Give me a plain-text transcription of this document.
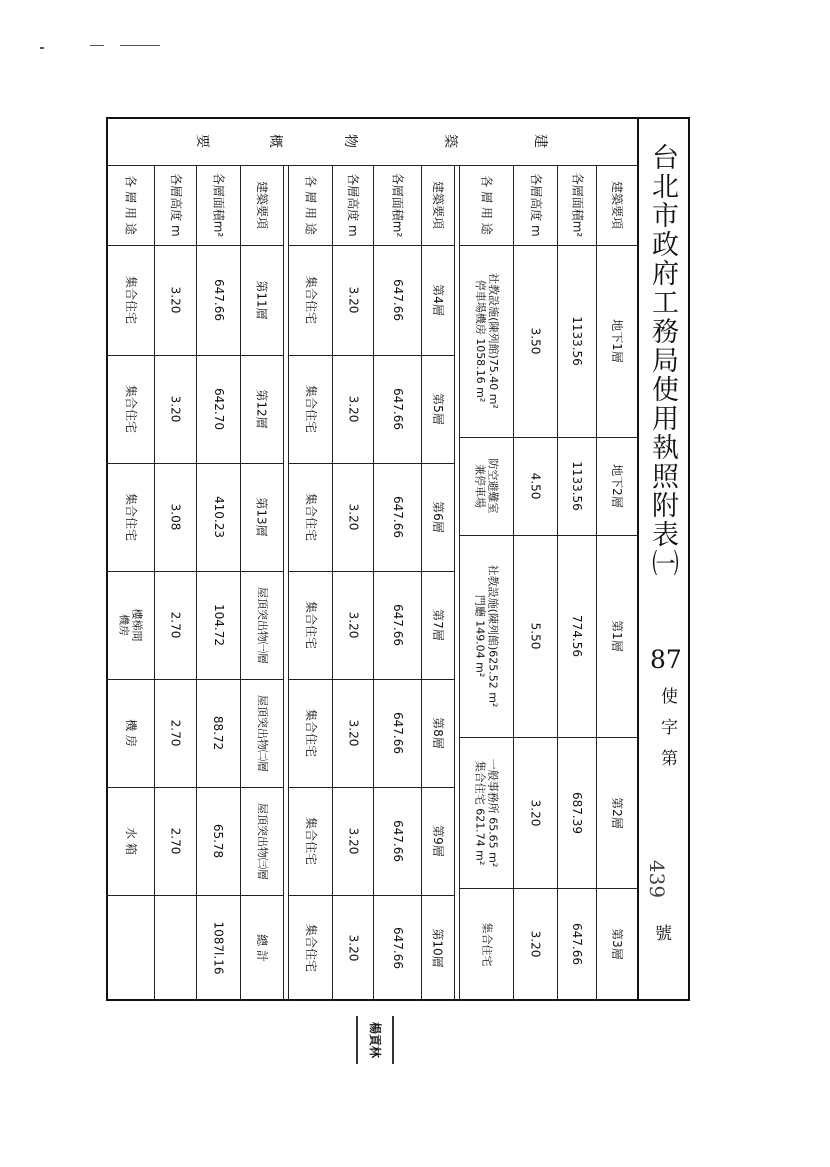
台北市政府工務局使用執照附表㈠
87
使字第
439
號
建
築
物
概
要
建築要項
各層面積m²
各層高度 m
各 層 用 途
地下1層
1133.56
3.50
社教設施(陳列館)75.40 m²
停車場機房 1058.16 m²
地下2層
1133.56
4.50
防空避難室
兼停車場
第1層
774.56
5.50
社教設施(陳列館)625.52 m²
門廳 149.04 m²
第2層
687.39
3.20
一般事務所 65.65 m²
集合住宅 621.74 m²
第3層
647.66
3.20
集合住宅
建築要項
各層面積m²
各層高度 m
各 層 用 途
第4層
647.66
3.20
集合住宅
第5層
647.66
3.20
集合住宅
第6層
647.66
3.20
集合住宅
第7層
647.66
3.20
集合住宅
第8層
647.66
3.20
集合住宅
第9層
647.66
3.20
集合住宅
第10層
647.66
3.20
集合住宅
建築要項
各層面積m²
各層高度 m
各 層 用 途
第11層
647.66
3.20
集合住宅
第12層
642.70
3.20
集合住宅
第13層
410.23
3.08
集合住宅
屋頂突出物㈠層
104.72
2.70
樓梯間
機房
屋頂突出物㈡層
88.72
2.70
機 房
屋頂突出物㈢層
65.78
2.70
水 箱
總 計
1087l.16
楊貢林
